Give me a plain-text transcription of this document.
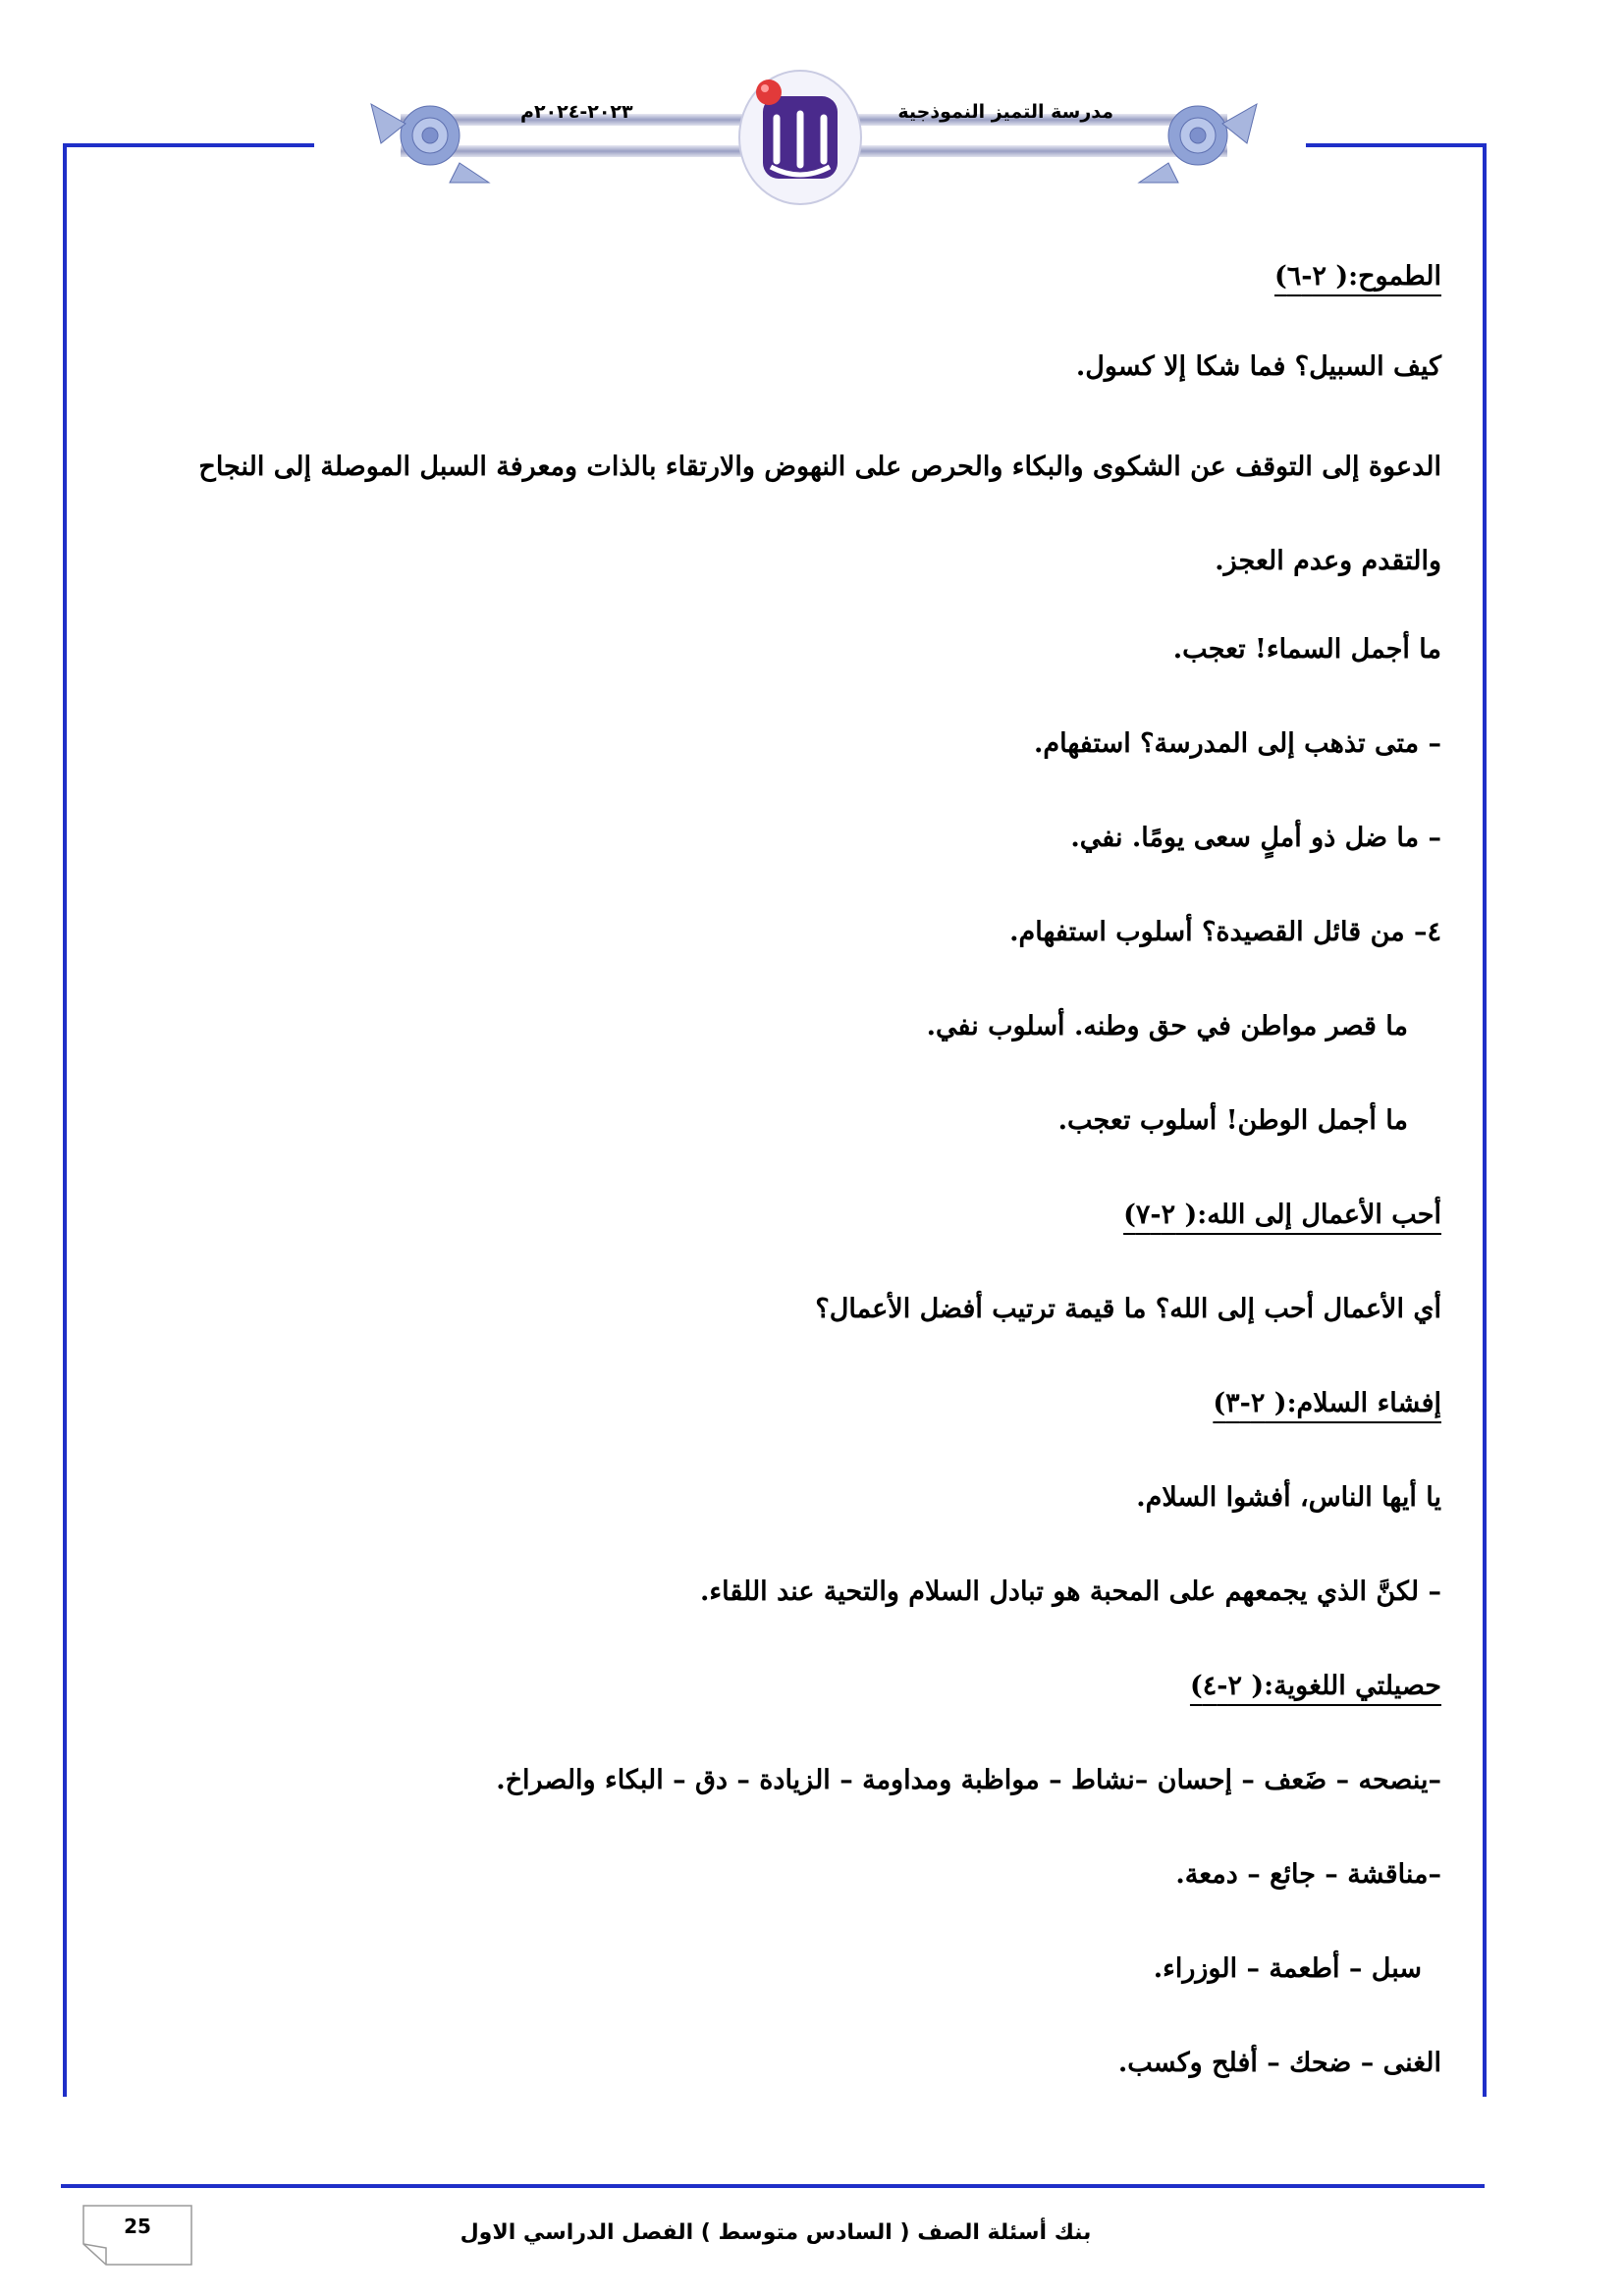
مدرسة التميز النموذجية
٢٠٢٣-٢٠٢٤م
الطموح:( ٢-٦)
كيف السبيل؟ فما شكا إلا كسول.
الدعوة إلى التوقف عن الشكوى والبكاء والحرص على النهوض والارتقاء بالذات ومعرفة السبل الموصلة إلى النجاح والتقدم وعدم العجز.
ما أجمل السماء! تعجب.
– متى تذهب إلى المدرسة؟ استفهام.
– ما ضل ذو أملٍ سعى يومًا. نفي.
٤– من قائل القصيدة؟ أسلوب استفهام.
ما قصر مواطن في حق وطنه. أسلوب نفي.
ما أجمل الوطن! أسلوب تعجب.
أحب الأعمال إلى الله:( ٢-٧)
أي الأعمال أحب إلى الله؟ ما قيمة ترتيب أفضل الأعمال؟
إفشاء السلام:( ٢-٣)
يا أيها الناس، أفشوا السلام.
– لكنَّ الذي يجمعهم على المحبة هو تبادل السلام والتحية عند اللقاء.
حصيلتي اللغوية:( ٢-٤)
–ينصحه – ضَعف – إحسان –نشاط – مواظبة ومداومة – الزيادة – دق – البكاء والصراخ.
–مناقشة – جائع – دمعة.
سبل – أطعمة – الوزراء.
الغنى – ضحك – أفلح وكسب.
بنك أسئلة الصف ( السادس متوسط ) الفصل الدراسي الاول
25
